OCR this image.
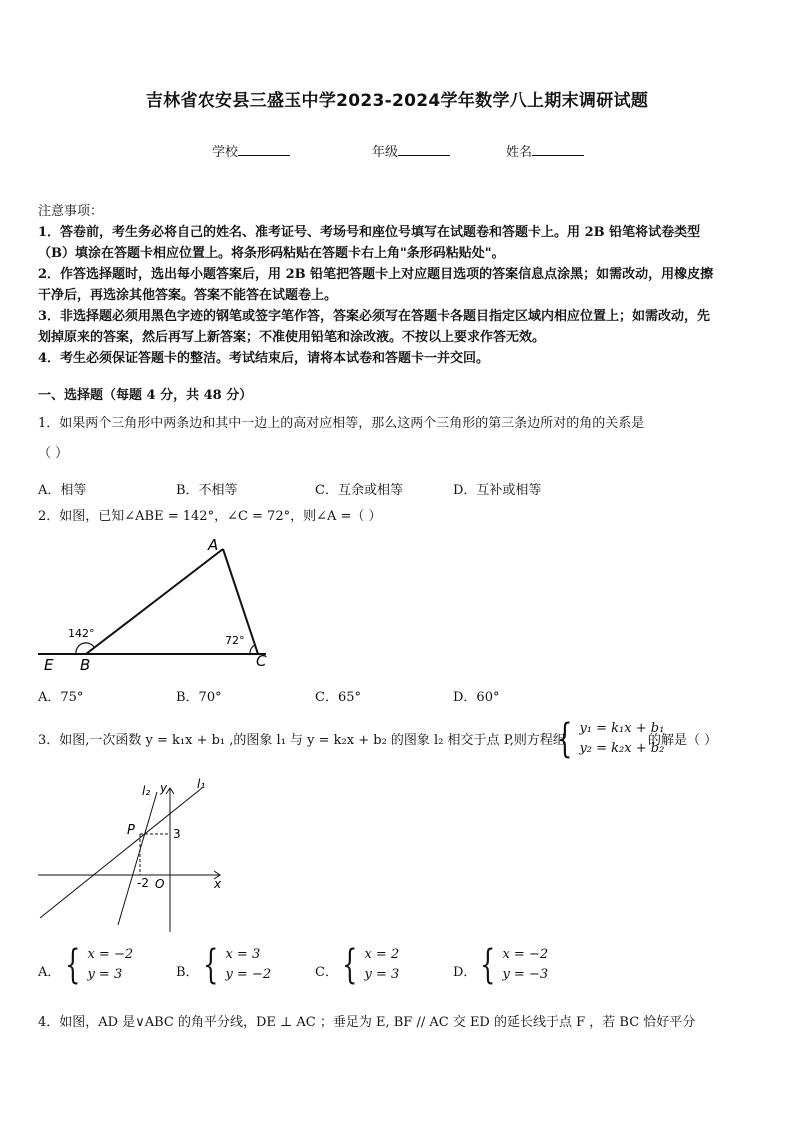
吉林省农安县三盛玉中学2023-2024学年数学八上期末调研试题
学校	年级	姓名

注意事项：

1．答卷前，考生务必将自己的姓名、准考证号、考场号和座位号填写在试题卷和答题卡上。用 2B 铅笔将试卷类型

（B）填涂在答题卡相应位置上。将条形码粘贴在答题卡右上角"条形码粘贴处"。

2．作答选择题时，选出每小题答案后，用 2B 铅笔把答题卡上对应题目选项的答案信息点涂黑；如需改动，用橡皮擦

干净后，再选涂其他答案。答案不能答在试题卷上。

3．非选择题必须用黑色字迹的钢笔或签字笔作答，答案必须写在答题卡各题目指定区域内相应位置上；如需改动，先

划掉原来的答案，然后再写上新答案；不准使用铅笔和涂改液。不按以上要求作答无效。

4．考生必须保证答题卡的整洁。考试结束后，请将本试卷和答题卡一并交回。

一、选择题（每题 4 分，共 48 分）
1．如果两个三角形中两条边和其中一边上的高对应相等，那么这两个三角形的第三条边所对的角的关系是
（ ）
A．相等	B．不相等	C．互余或相等	D．互补或相等
2．如图，已知∠ABE = 142°，∠C = 72°，则∠A =（ ）
A
B	C
E
142°
72°
A．75°	B．70°	C．65°	D．60°
3．如图,一次函数 y = k₁x + b₁ ,的图象 l₁ 与 y = k₂x + b₂ 的图象 l₂ 相交于点 P,则方程组
{ y₁ = k₁x + b₁
y₂ = k₂x + b₂
的解是（ ）
l₁
l₂ y
x
P	3
-2 O
A． { x = −2
y = 3	B． { x = 3
y = −2	C． { x = 2
y = 3	D． { x = −2
y = −3
4．如图，AD 是∨ABC 的角平分线，DE ⊥ AC ；垂足为 E, BF // AC 交 ED 的延长线于点 F ，若 BC 恰好平分
